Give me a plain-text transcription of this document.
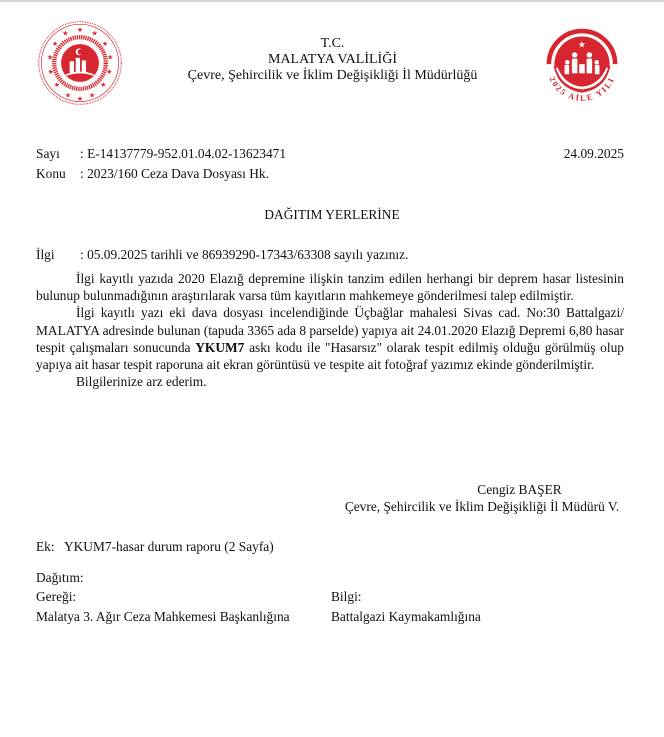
★ ★
★
★
★
★
★
★
★
★
★
★
★
★
★
2025 AİLE YILI
T.C.
MALATYA VALİLİĞİ
Çevre, Şehircilik ve İklim Değişikliği İl Müdürlüğü
Sayı : E-14137779-952.01.04.02-13623471	24.09.2025
Konu : 2023/160 Ceza Dava Dosyası Hk.
DAĞITIM YERLERİNE
İlgi : 05.09.2025 tarihli ve 86939290-17343/63308 sayılı yazınız.

İlgi kayıtlı yazıda 2020 Elazığ depremine ilişkin tanzim edilen herhangi bir deprem hasar listesinin bulunup bulunmadığının araştırılarak varsa tüm kayıtların mahkemeye gönderilmesi talep edilmiştir.

İlgi kayıtlı yazı eki dava dosyası incelendiğinde Üçbağlar mahalesi Sivas cad. No:30 Battalgazi/ MALATYA adresinde bulunan (tapuda 3365 ada 8 parselde) yapıya ait 24.01.2020 Elazığ Depremi 6,80 hasar tespit çalışmaları sonucunda YKUM7 askı kodu ile "Hasarsız" olarak tespit edilmiş olduğu görülmüş olup yapıya ait hasar tespit raporuna ait ekran görüntüsü ve tespite ait fotoğraf yazımız ekinde gönderilmiştir.

Bilgilerinize arz ederim.

Cengiz BAŞER
Çevre, Şehircilik ve İklim Değişikliği İl Müdürü V.
Ek: YKUM7-hasar durum raporu (2 Sayfa)
Dağıtım:
Gereği:	Bilgi:
Malatya 3. Ağır Ceza Mahkemesi Başkanlığına	Battalgazi Kaymakamlığına
